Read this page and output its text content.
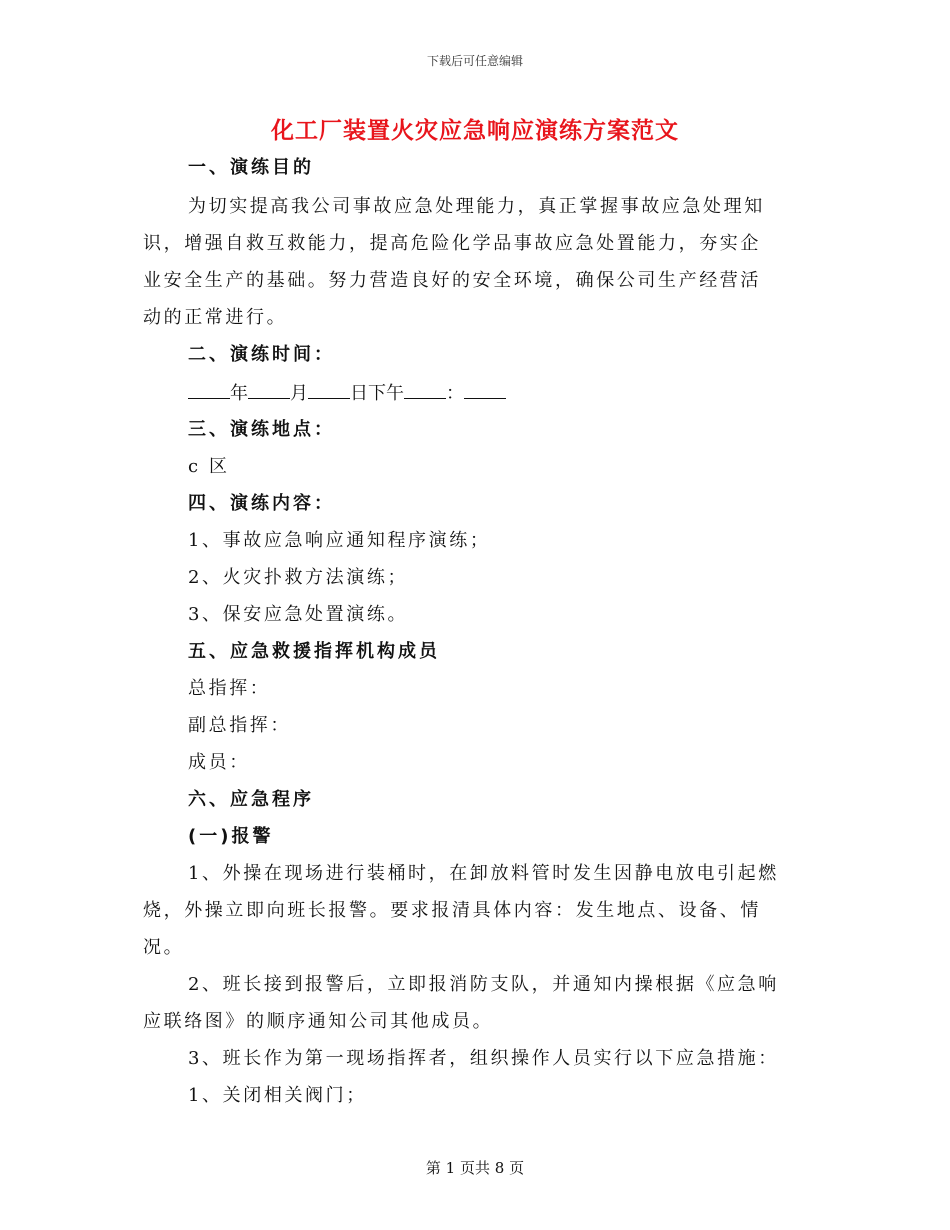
下载后可任意编辑
化工厂装置火灾应急响应演练方案范文
一、演练目的
为切实提高我公司事故应急处理能力，真正掌握事故应急处理知
识，增强自救互救能力，提高危险化学品事故应急处置能力，夯实企
业安全生产的基础。努力营造良好的安全环境，确保公司生产经营活
动的正常进行。
二、演练时间：
年 月 日下午 ：
三、演练地点：
c 区
四、演练内容：
1、事故应急响应通知程序演练；
2、火灾扑救方法演练；
3、保安应急处置演练。
五、应急救援指挥机构成员
总指挥：
副总指挥：
成员：
六、应急程序
(一)报警
1、外操在现场进行装桶时，在卸放料管时发生因静电放电引起燃
烧，外操立即向班长报警。要求报清具体内容：发生地点、设备、情
况。
2、班长接到报警后，立即报消防支队，并通知内操根据《应急响
应联络图》的顺序通知公司其他成员。
3、班长作为第一现场指挥者，组织操作人员实行以下应急措施：
1、关闭相关阀门；
第 1 页共 8 页
